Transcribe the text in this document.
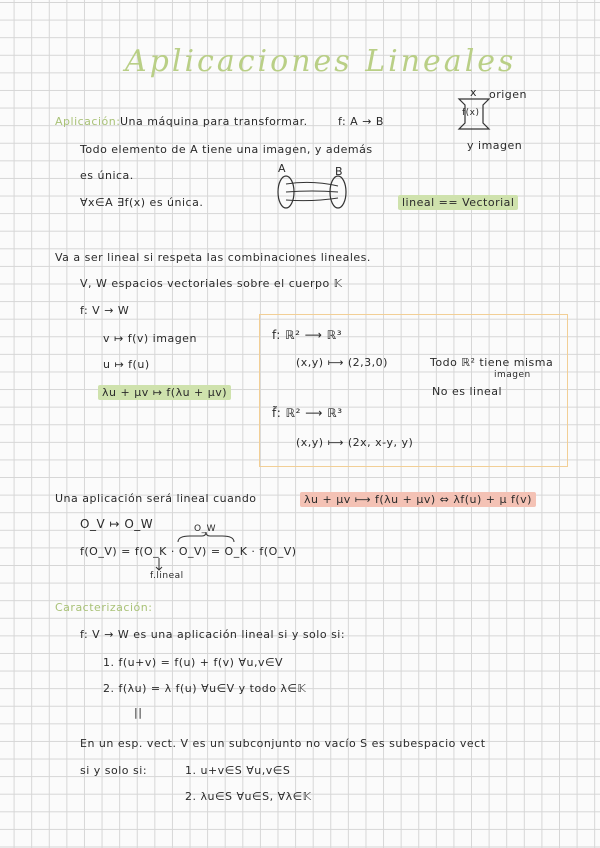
Aplicaciones Lineales
x origen
f(x)
y imagen
Aplicación: Una máquina para transformar.	f: A → B
Todo elemento de A tiene una imagen, y además
es única.
∀x∈A ∃f(x) es única.
A	B
lineal == Vectorial
Va a ser lineal si respeta las combinaciones lineales.
V, W espacios vectoriales sobre el cuerpo 𝕂
f: V → W
v ↦ f(v) imagen
u ↦ f(u)
λu + μv ↦ f(λu + μv)
f: ℝ² ⟶ ℝ³
(x,y) ⟼ (2,3,0)	Todo ℝ² tiene misma
imagen
No es lineal
f̃: ℝ² ⟶ ℝ³
(x,y) ⟼ (2x, x-y, y)
Una aplicación será lineal cuando	λu + μv ⟼ f(λu + μv) ⇔ λf(u) + μ f(v)
O_V ↦ O_W	O_W
f(O_V) = f(O_K · O_V) = O_K · f(O_V)
f.lineal
Caracterización:
f: V → W es una aplicación lineal si y solo si:
1. f(u+v) = f(u) + f(v) ∀u,v∈V
2. f(λu) = λ f(u) ∀u∈V y todo λ∈𝕂
||
En un esp. vect. V es un subconjunto no vacío S es subespacio vect
si y solo si:	1. u+v∈S ∀u,v∈S
2. λu∈S ∀u∈S, ∀λ∈𝕂
